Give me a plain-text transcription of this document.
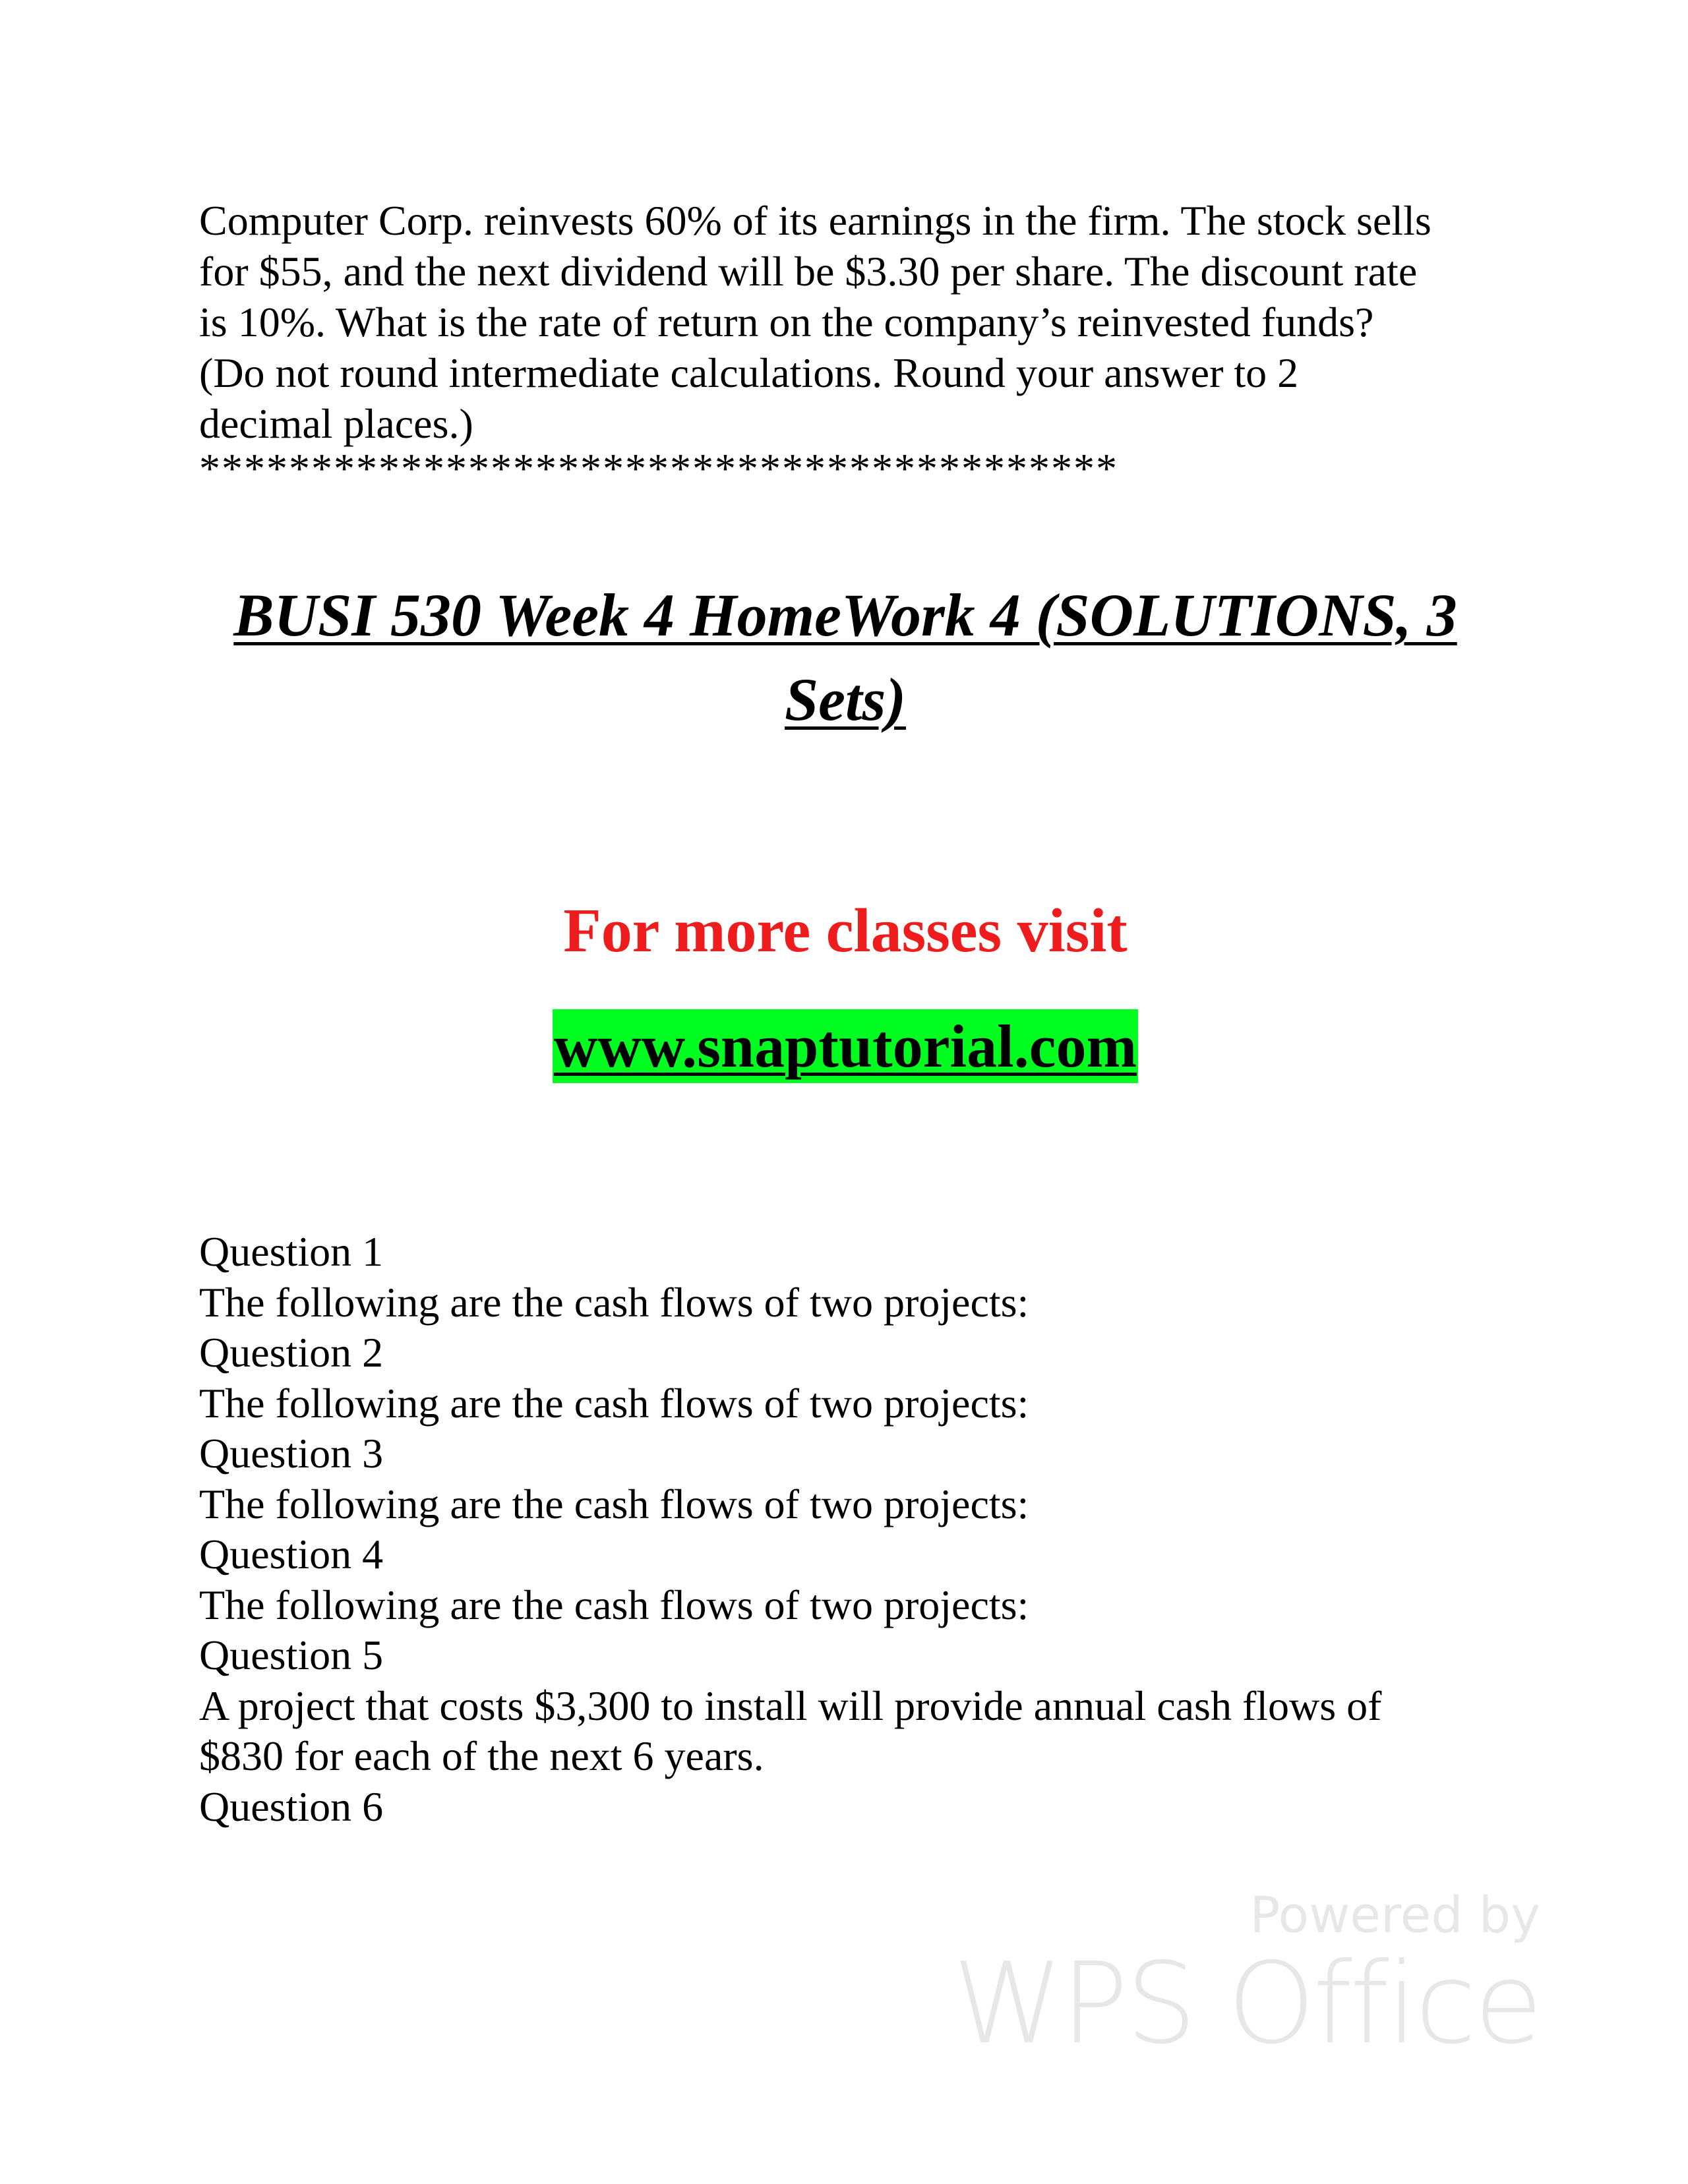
Computer Corp. reinvests 60% of its earnings in the firm. The stock sells
for $55, and the next dividend will be $3.30 per share. The discount rate
is 10%. What is the rate of return on the company’s reinvested funds?
(Do not round intermediate calculations. Round your answer to 2
decimal places.)
*****************************************
BUSI 530 Week 4 HomeWork 4 (SOLUTIONS, 3
Sets)
For more classes visit
www.snaptutorial.com
Question 1
The following are the cash flows of two projects:
Question 2
The following are the cash flows of two projects:
Question 3
The following are the cash flows of two projects:
Question 4
The following are the cash flows of two projects:
Question 5
A project that costs $3,300 to install will provide annual cash flows of
$830 for each of the next 6 years.
Question 6
Powered by
WPS Office
